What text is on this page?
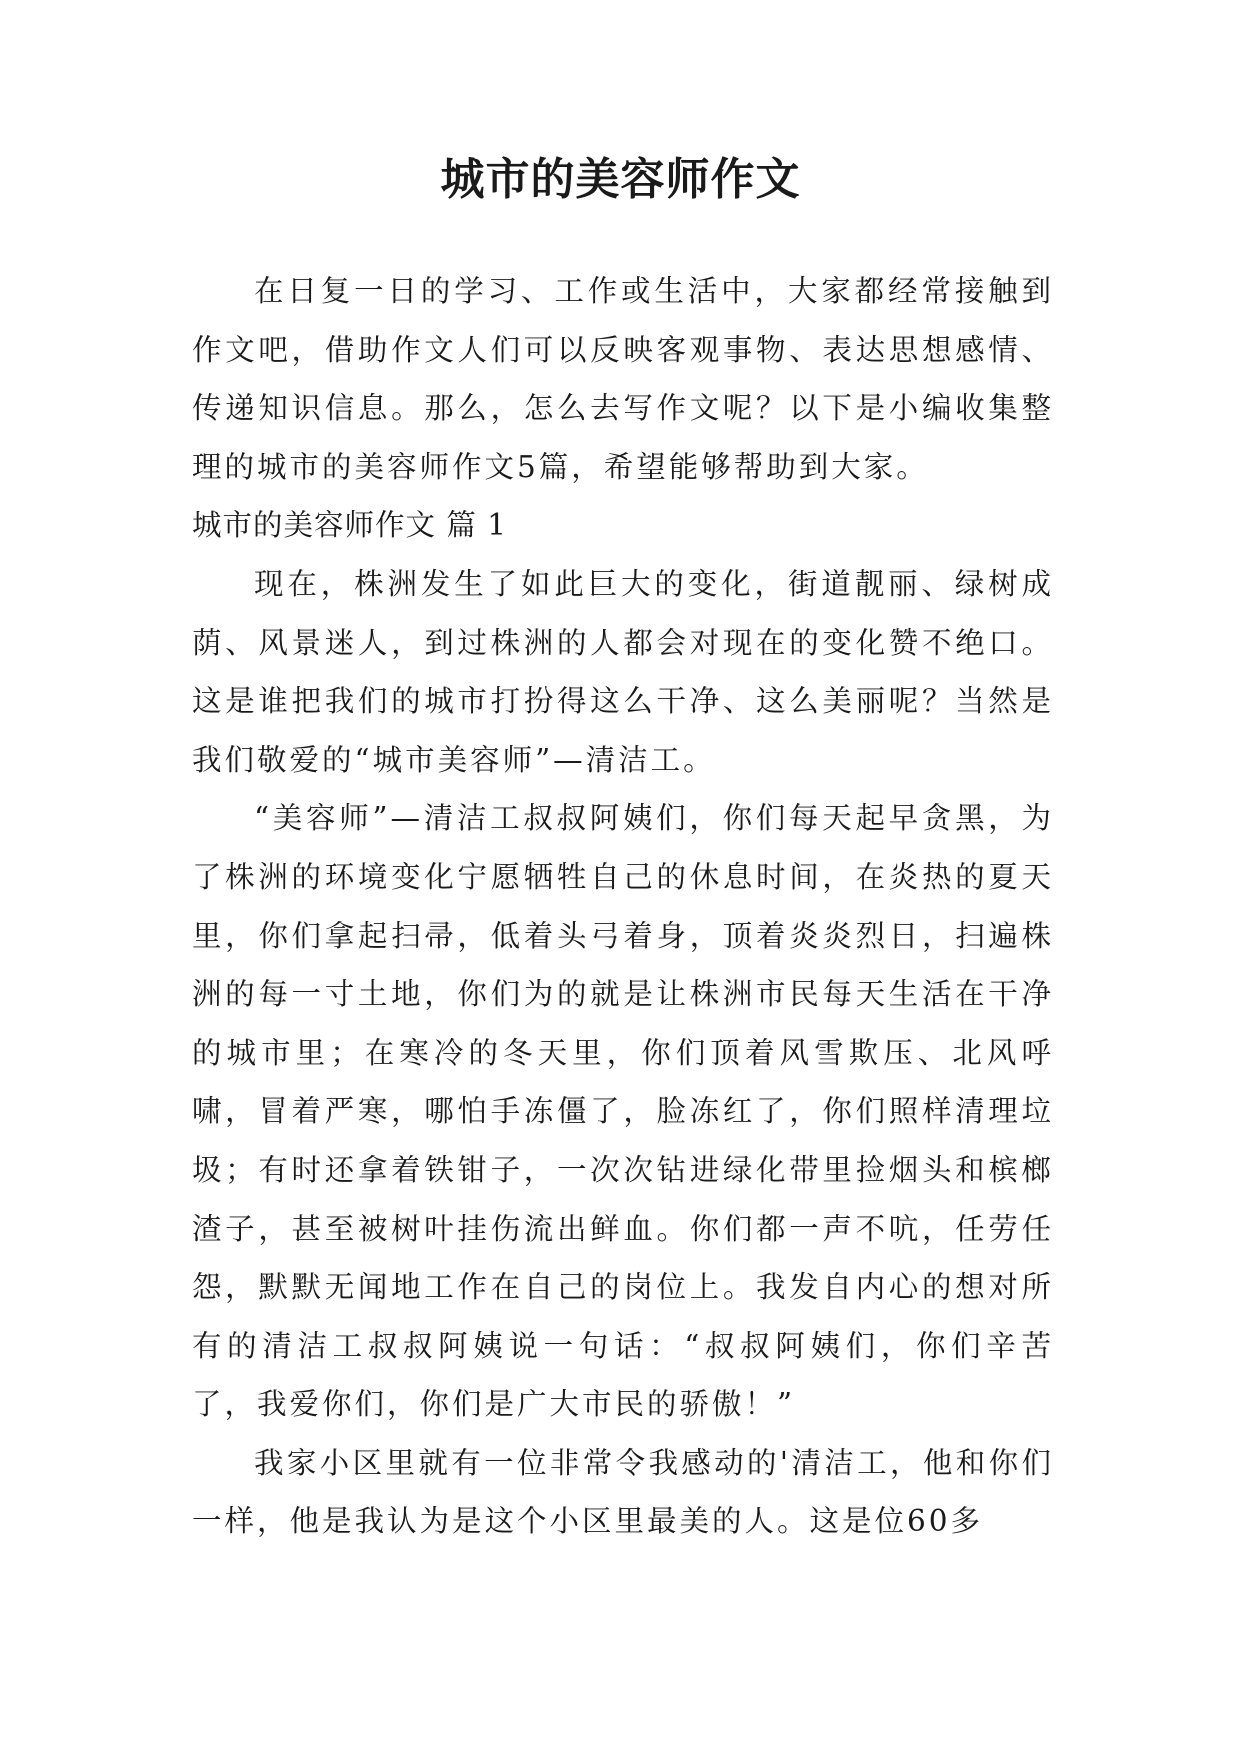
城市的美容师作文

在日复一日的学习、工作或生活中，大家都经常接触到作文吧，借助作文人们可以反映客观事物、表达思想感情、传递知识信息。那么，怎么去写作文呢？以下是小编收集整理的城市的美容师作文5篇，希望能够帮助到大家。

城市的美容师作文 篇 1

现在，株洲发生了如此巨大的变化，街道靓丽、绿树成荫、风景迷人，到过株洲的人都会对现在的变化赞不绝口。这是谁把我们的城市打扮得这么干净、这么美丽呢？当然是我们敬爱的“城市美容师”—清洁工。

“美容师”—清洁工叔叔阿姨们，你们每天起早贪黑，为了株洲的环境变化宁愿牺牲自己的休息时间，在炎热的夏天里，你们拿起扫帚，低着头弓着身，顶着炎炎烈日，扫遍株洲的每一寸土地，你们为的就是让株洲市民每天生活在干净的城市里；在寒冷的冬天里，你们顶着风雪欺压、北风呼啸，冒着严寒，哪怕手冻僵了，脸冻红了，你们照样清理垃圾；有时还拿着铁钳子，一次次钻进绿化带里捡烟头和槟榔渣子，甚至被树叶挂伤流出鲜血。你们都一声不吭，任劳任怨，默默无闻地工作在自己的岗位上。我发自内心的想对所有的清洁工叔叔阿姨说一句话：“叔叔阿姨们，你们辛苦了，我爱你们，你们是广大市民的骄傲！”

我家小区里就有一位非常令我感动的'清洁工，他和你们一样，他是我认为是这个小区里最美的人。这是位60多
